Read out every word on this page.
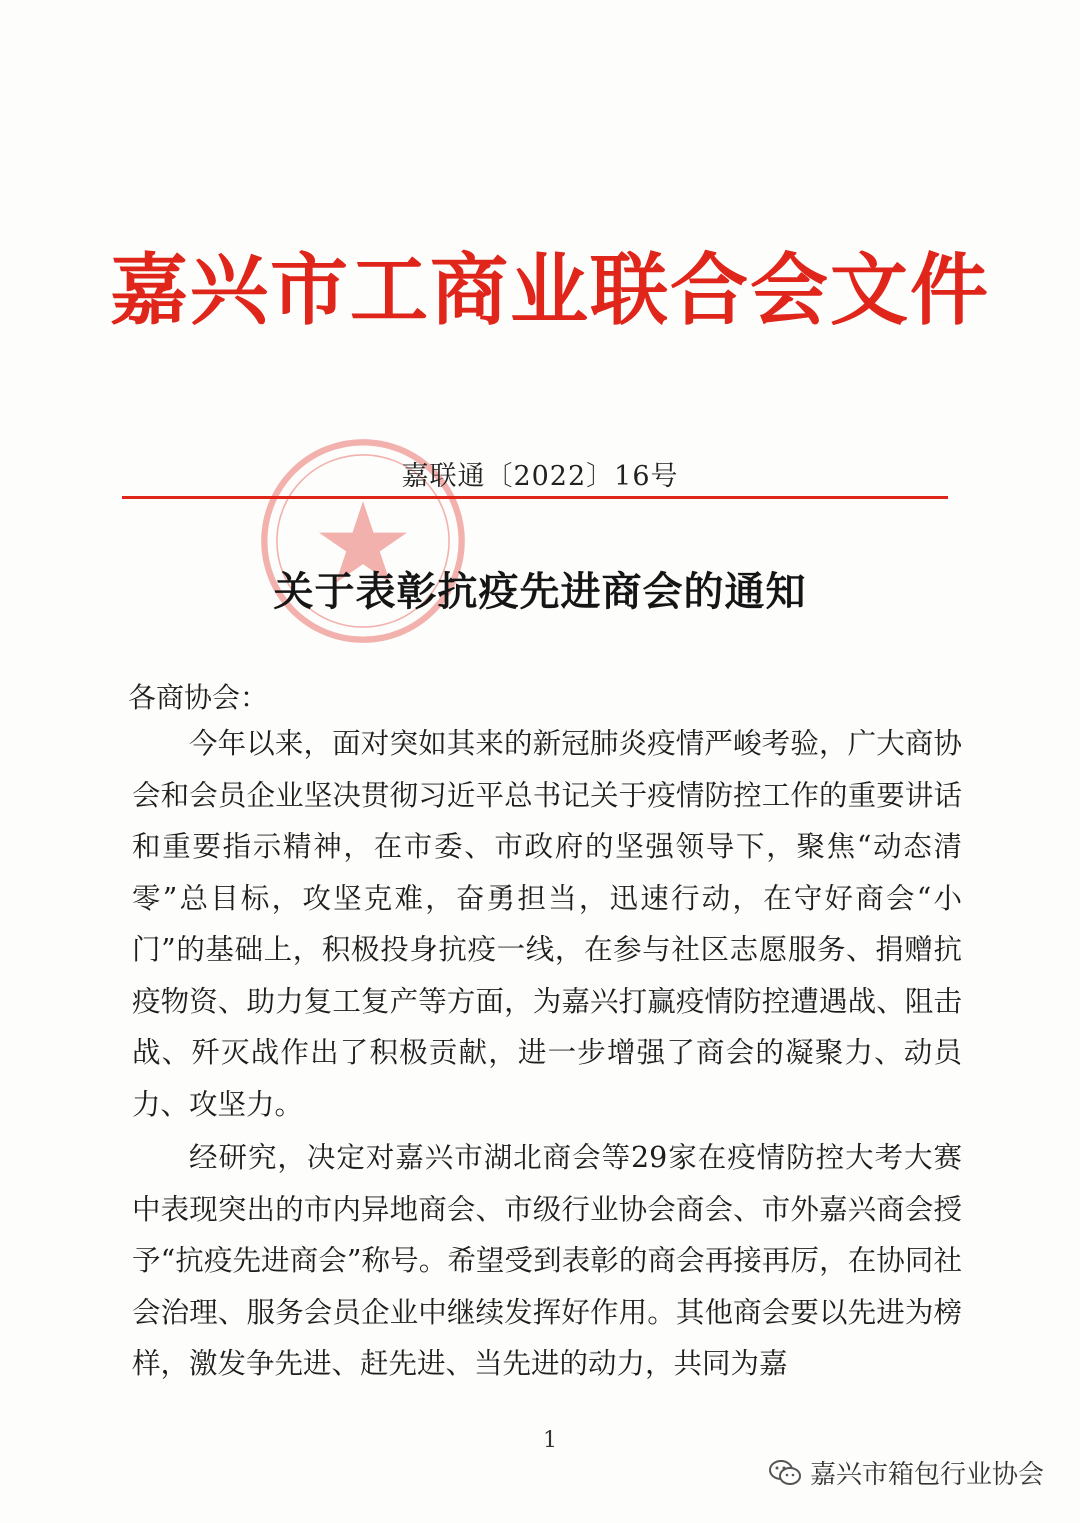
嘉兴市工商业联合会文件
嘉联通〔2022〕16号
关于表彰抗疫先进商会的通知
各商协会：

今年以来，面对突如其来的新冠肺炎疫情严峻考验，广大商协会和会员企业坚决贯彻习近平总书记关于疫情防控工作的重要讲话和重要指示精神，在市委、市政府的坚强领导下，聚焦“动态清零”总目标，攻坚克难，奋勇担当，迅速行动，在守好商会“小门”的基础上，积极投身抗疫一线，在参与社区志愿服务、捐赠抗疫物资、助力复工复产等方面，为嘉兴打赢疫情防控遭遇战、阻击战、歼灭战作出了积极贡献，进一步增强了商会的凝聚力、动员力、攻坚力。

经研究，决定对嘉兴市湖北商会等29家在疫情防控大考大赛中表现突出的市内异地商会、市级行业协会商会、市外嘉兴商会授予“抗疫先进商会”称号。希望受到表彰的商会再接再厉，在协同社会治理、服务会员企业中继续发挥好作用。其他商会要以先进为榜样，激发争先进、赶先进、当先进的动力，共同为嘉

1
嘉兴市箱包行业协会
